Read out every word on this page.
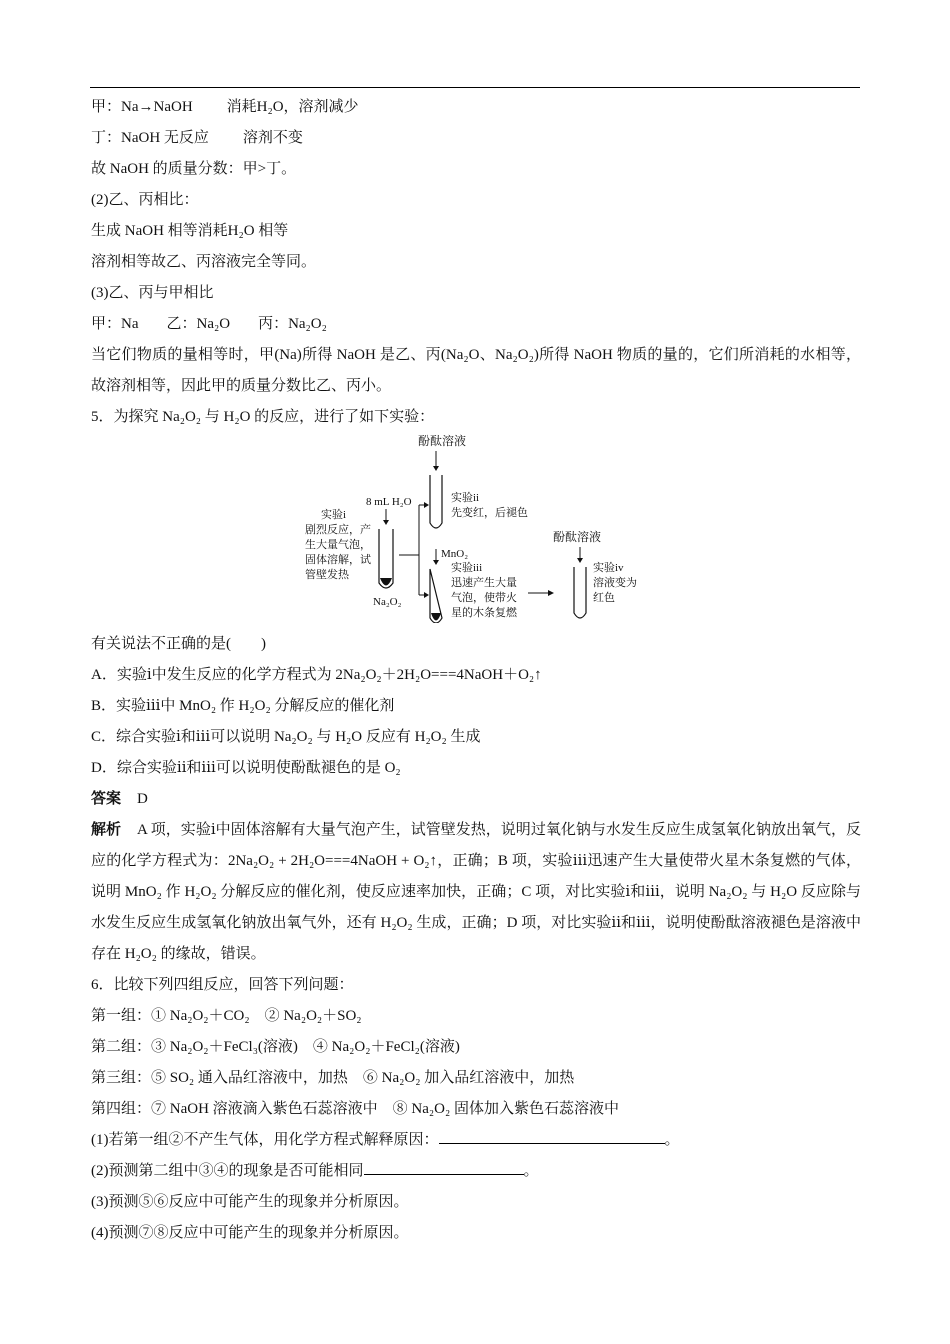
甲：Na→NaOH 消耗H₂O，溶剂减少
丁：NaOH 无反应 溶剂不变
故 NaOH 的质量分数：甲>丁。
(2)乙、丙相比：
生成 NaOH 相等消耗H₂O 相等
溶剂相等故乙、丙溶液完全等同。
(3)乙、丙与甲相比
甲：Na 乙：Na₂O 丙：Na₂O₂
当它们物质的量相等时，甲(Na)所得 NaOH 是乙、丙(Na₂O、Na₂O₂)所得 NaOH 物质的量的，它们所消耗的水相等，故溶剂相等，因此甲的质量分数比乙、丙小。
5．为探究 Na₂O₂ 与 H₂O 的反应，进行了如下实验：
酚酞溶液
8 mL H₂O
Na₂O₂
实验i
剧烈反应，产
生大量气泡，
固体溶解，试
管壁发热
实验ii
先变红，后褪色
MnO₂
实验iii
迅速产生大量
气泡，使带火
星的木条复燃
酚酞溶液
实验iv
溶液变为
红色
有关说法不正确的是(　　)
A．实验ⅰ中发生反应的化学方程式为 2Na₂O₂＋2H₂O===4NaOH＋O₂↑
B．实验ⅲ中 MnO₂ 作 H₂O₂ 分解反应的催化剂
C．综合实验ⅰ和ⅲ可以说明 Na₂O₂ 与 H₂O 反应有 H₂O₂ 生成
D．综合实验ⅱ和ⅲ可以说明使酚酞褪色的是 O₂
答案 D
解析 A 项，实验ⅰ中固体溶解有大量气泡产生，试管壁发热，说明过氧化钠与水发生反应生成氢氧化钠放出氧气，反应的化学方程式为：2Na₂O₂ + 2H₂O===4NaOH + O₂↑，正确；B 项，实验ⅲ迅速产生大量使带火星木条复燃的气体，说明 MnO₂ 作 H₂O₂ 分解反应的催化剂，使反应速率加快，正确；C 项，对比实验ⅰ和ⅲ，说明 Na₂O₂ 与 H₂O 反应除与水发生反应生成氢氧化钠放出氧气外，还有 H₂O₂ 生成，正确；D 项，对比实验ⅱ和ⅲ，说明使酚酞溶液褪色是溶液中存在 H₂O₂ 的缘故，错误。
6．比较下列四组反应，回答下列问题：
第一组：① Na₂O₂＋CO₂　② Na₂O₂＋SO₂
第二组：③ Na₂O₂＋FeCl₃(溶液)　④ Na₂O₂＋FeCl₂(溶液)
第三组：⑤ SO₂ 通入品红溶液中，加热　⑥ Na₂O₂ 加入品红溶液中，加热
第四组：⑦ NaOH 溶液滴入紫色石蕊溶液中　⑧ Na₂O₂ 固体加入紫色石蕊溶液中
(1)若第一组②不产生气体，用化学方程式解释原因：	。
(2)预测第二组中③④的现象是否可能相同	。
(3)预测⑤⑥反应中可能产生的现象并分析原因。
(4)预测⑦⑧反应中可能产生的现象并分析原因。
